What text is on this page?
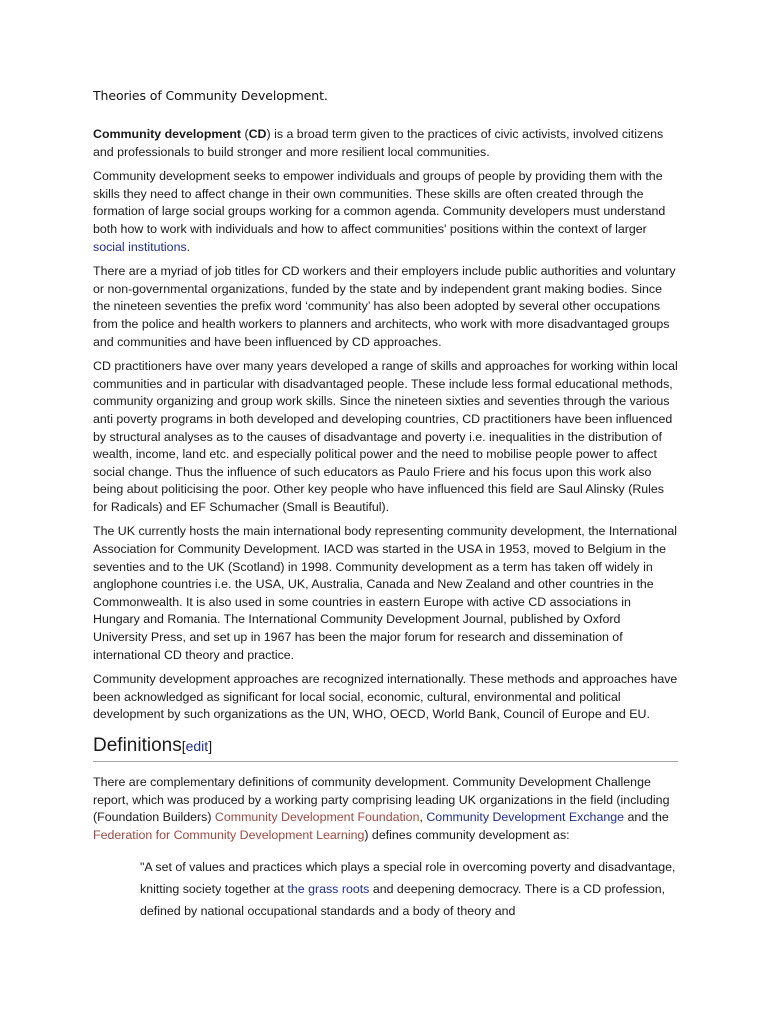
Theories of Community Development.

Community development (CD) is a broad term given to the practices of civic activists, involved citizens and professionals to build stronger and more resilient local communities.

Community development seeks to empower individuals and groups of people by providing them with the skills they need to affect change in their own communities. These skills are often created through the formation of large social groups working for a common agenda. Community developers must understand both how to work with individuals and how to affect communities' positions within the context of larger social institutions.

There are a myriad of job titles for CD workers and their employers include public authorities and voluntary or non-governmental organizations, funded by the state and by independent grant making bodies. Since the nineteen seventies the prefix word ‘community’ has also been adopted by several other occupations from the police and health workers to planners and architects, who work with more disadvantaged groups and communities and have been influenced by CD approaches.

CD practitioners have over many years developed a range of skills and approaches for working within local communities and in particular with disadvantaged people. These include less formal educational methods, community organizing and group work skills. Since the nineteen sixties and seventies through the various anti poverty programs in both developed and developing countries, CD practitioners have been influenced by structural analyses as to the causes of disadvantage and poverty i.e. inequalities in the distribution of wealth, income, land etc. and especially political power and the need to mobilise people power to affect social change. Thus the influence of such educators as Paulo Friere and his focus upon this work also being about politicising the poor. Other key people who have influenced this field are Saul Alinsky (Rules for Radicals) and EF Schumacher (Small is Beautiful).

The UK currently hosts the main international body representing community development, the International Association for Community Development. IACD was started in the USA in 1953, moved to Belgium in the seventies and to the UK (Scotland) in 1998. Community development as a term has taken off widely in anglophone countries i.e. the USA, UK, Australia, Canada and New Zealand and other countries in the Commonwealth. It is also used in some countries in eastern Europe with active CD associations in Hungary and Romania. The International Community Development Journal, published by Oxford University Press, and set up in 1967 has been the major forum for research and dissemination of international CD theory and practice.

Community development approaches are recognized internationally. These methods and approaches have been acknowledged as significant for local social, economic, cultural, environmental and political development by such organizations as the UN, WHO, OECD, World Bank, Council of Europe and EU.

Definitions[edit]

There are complementary definitions of community development. Community Development Challenge report, which was produced by a working party comprising leading UK organizations in the field (including (Foundation Builders) Community Development Foundation, Community Development Exchange and the Federation for Community Development Learning) defines community development as:

"A set of values and practices which plays a special role in overcoming poverty and disadvantage, knitting society together at the grass roots and deepening democracy. There is a CD profession, defined by national occupational standards and a body of theory and
